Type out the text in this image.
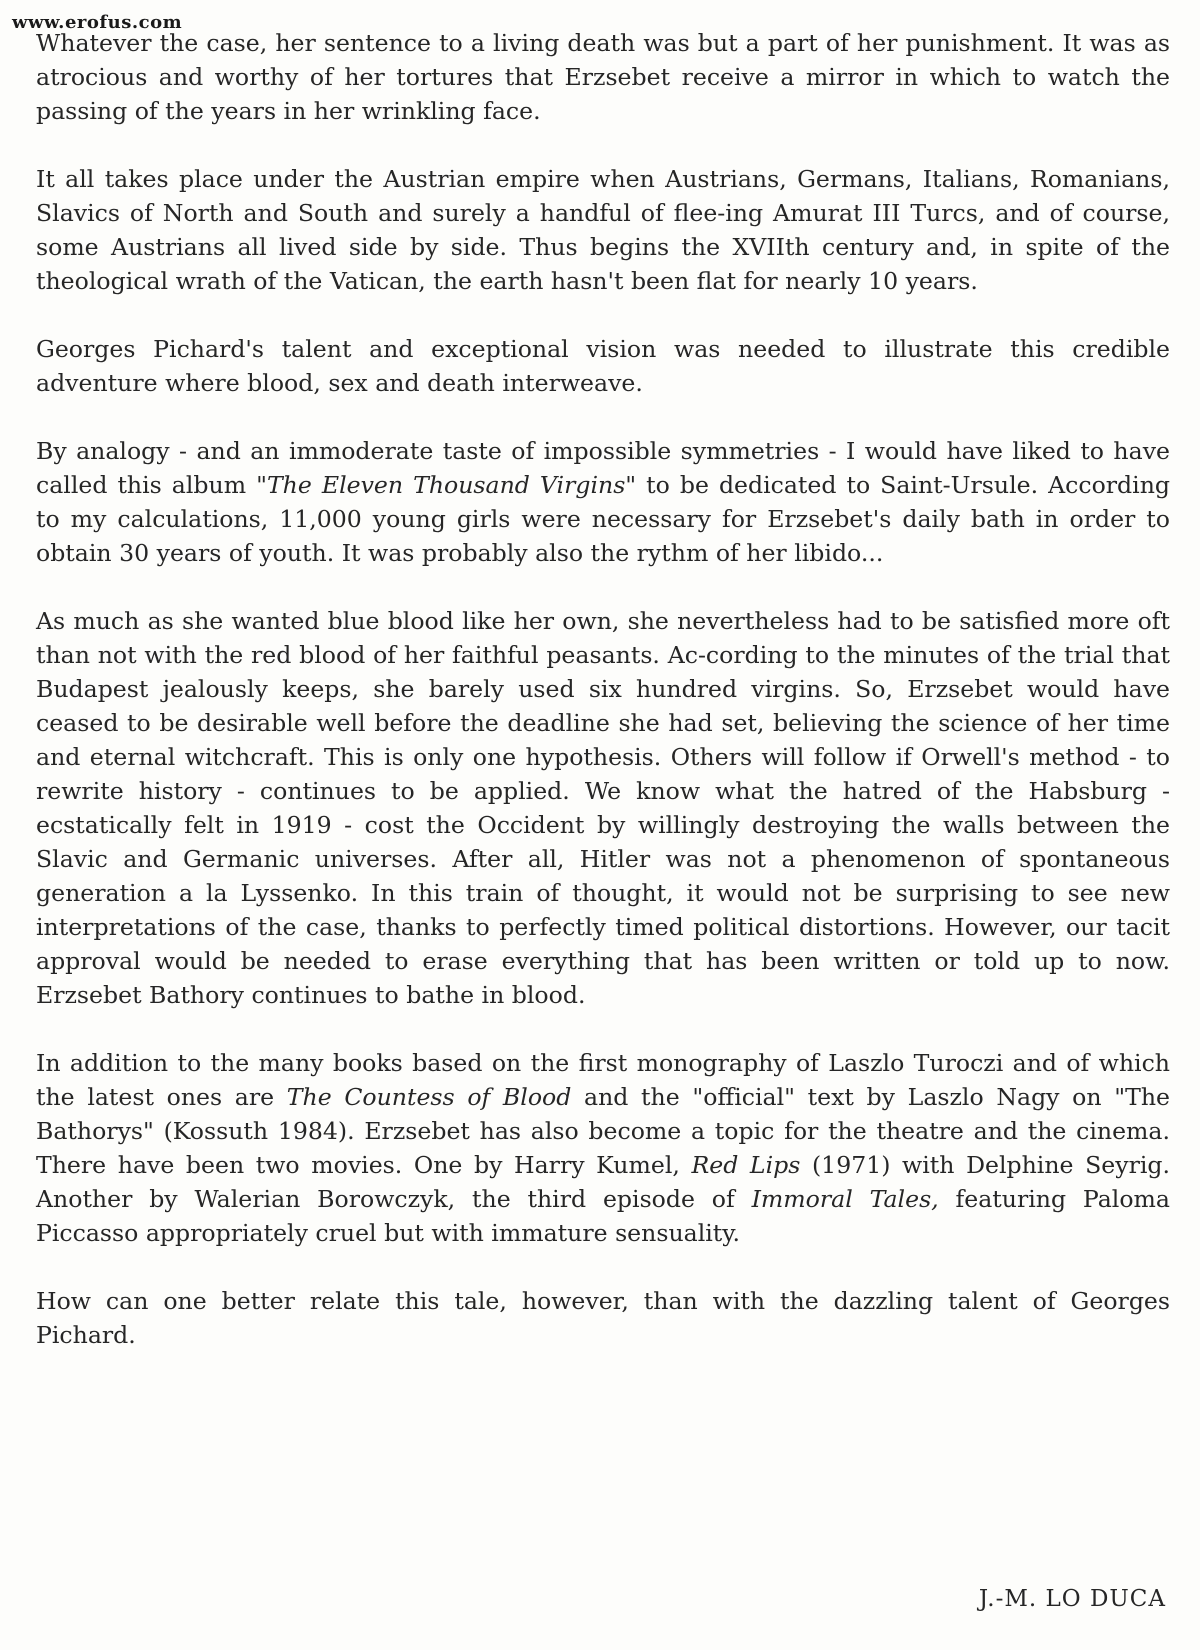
www.erofus.com

Whatever the case, her sentence to a living death was but a part of her punishment. It was as atrocious and worthy of her tortures that Erzsebet receive a mirror in which to watch the passing of the years in her wrinkling face.

It all takes place under the Austrian empire when Austrians, Germans, Italians, Romanians, Slavics of North and South and surely a handful of flee-ing Amurat III Turcs, and of course, some Austrians all lived side by side. Thus begins the XVIIth century and, in spite of the theological wrath of the Vatican, the earth hasn't been flat for nearly 10 years.

Georges Pichard's talent and exceptional vision was needed to illustrate this credible adventure where blood, sex and death interweave.

By analogy - and an immoderate taste of impossible symmetries - I would have liked to have called this album "The Eleven Thousand Virgins" to be dedicated to Saint-Ursule. According to my calculations, 11,000 young girls were necessary for Erzsebet's daily bath in order to obtain 30 years of youth. It was probably also the rythm of her libido...

As much as she wanted blue blood like her own, she nevertheless had to be satisfied more oft than not with the red blood of her faithful peasants. Ac-cording to the minutes of the trial that Budapest jealously keeps, she barely used six hundred virgins. So, Erzsebet would have ceased to be desirable well before the deadline she had set, believing the science of her time and eternal witchcraft. This is only one hypothesis. Others will follow if Orwell's method - to rewrite history - continues to be applied. We know what the hatred of the Habsburg - ecstatically felt in 1919 - cost the Occident by willingly destroying the walls between the Slavic and Germanic universes. After all, Hitler was not a phenomenon of spontaneous generation a la Lyssenko. In this train of thought, it would not be surprising to see new interpretations of the case, thanks to perfectly timed political distortions. However, our tacit approval would be needed to erase everything that has been written or told up to now. Erzsebet Bathory continues to bathe in blood.

In addition to the many books based on the first monography of Laszlo Turoczi and of which the latest ones are The Countess of Blood and the "official" text by Laszlo Nagy on "The Bathorys" (Kossuth 1984). Erzsebet has also become a topic for the theatre and the cinema. There have been two movies. One by Harry Kumel, Red Lips (1971) with Delphine Seyrig. Another by Walerian Borowczyk, the third episode of Immoral Tales, featuring Paloma Piccasso appropriately cruel but with immature sensuality.

How can one better relate this tale, however, than with the dazzling talent of Georges Pichard.

J.-M. LO DUCA
